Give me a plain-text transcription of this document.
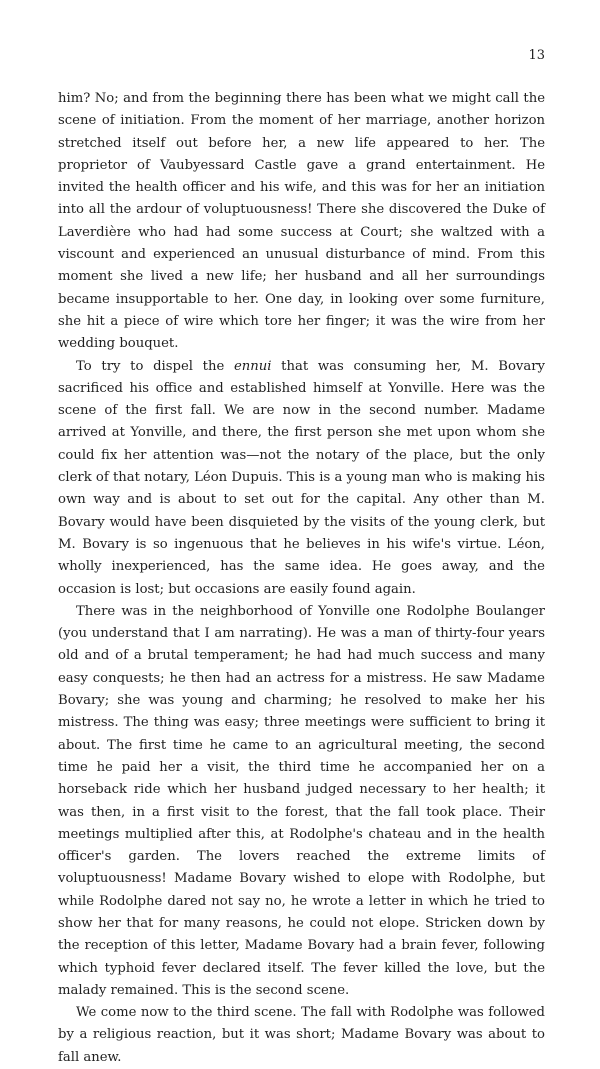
13

him? No; and from the beginning there has been what we might call the scene of initiation. From the moment of her marriage, another horizon stretched itself out before her, a new life appeared to her. The proprietor of Vaubyessard Castle gave a grand entertainment. He invited the health officer and his wife, and this was for her an initiation into all the ardour of voluptuousness! There she discovered the Duke of Laverdière who had had some success at Court; she waltzed with a viscount and experienced an unusual disturbance of mind. From this moment she lived a new life; her husband and all her surroundings became insupportable to her. One day, in looking over some furniture, she hit a piece of wire which tore her finger; it was the wire from her wedding bouquet.

To try to dispel the ennui that was consuming her, M. Bovary sacrificed his office and established himself at Yonville. Here was the scene of the first fall. We are now in the second number. Madame arrived at Yonville, and there, the first person she met upon whom she could fix her attention was—not the notary of the place, but the only clerk of that notary, Léon Dupuis. This is a young man who is making his own way and is about to set out for the capital. Any other than M. Bovary would have been disquieted by the visits of the young clerk, but M. Bovary is so ingenuous that he believes in his wife's virtue. Léon, wholly inexperienced, has the same idea. He goes away, and the occasion is lost; but occasions are easily found again.

There was in the neighborhood of Yonville one Rodolphe Boulanger (you understand that I am narrating). He was a man of thirty-four years old and of a brutal temperament; he had had much success and many easy conquests; he then had an actress for a mistress. He saw Madame Bovary; she was young and charming; he resolved to make her his mistress. The thing was easy; three meetings were sufficient to bring it about. The first time he came to an agricultural meeting, the second time he paid her a visit, the third time he accompanied her on a horseback ride which her husband judged necessary to her health; it was then, in a first visit to the forest, that the fall took place. Their meetings multiplied after this, at Rodolphe's chateau and in the health officer's garden. The lovers reached the extreme limits of voluptuousness! Madame Bovary wished to elope with Rodolphe, but while Rodolphe dared not say no, he wrote a letter in which he tried to show her that for many reasons, he could not elope. Stricken down by the reception of this letter, Madame Bovary had a brain fever, following which typhoid fever declared itself. The fever killed the love, but the malady remained. This is the second scene.

We come now to the third scene. The fall with Rodolphe was followed by a religious reaction, but it was short; Madame Bovary was about to fall anew.
